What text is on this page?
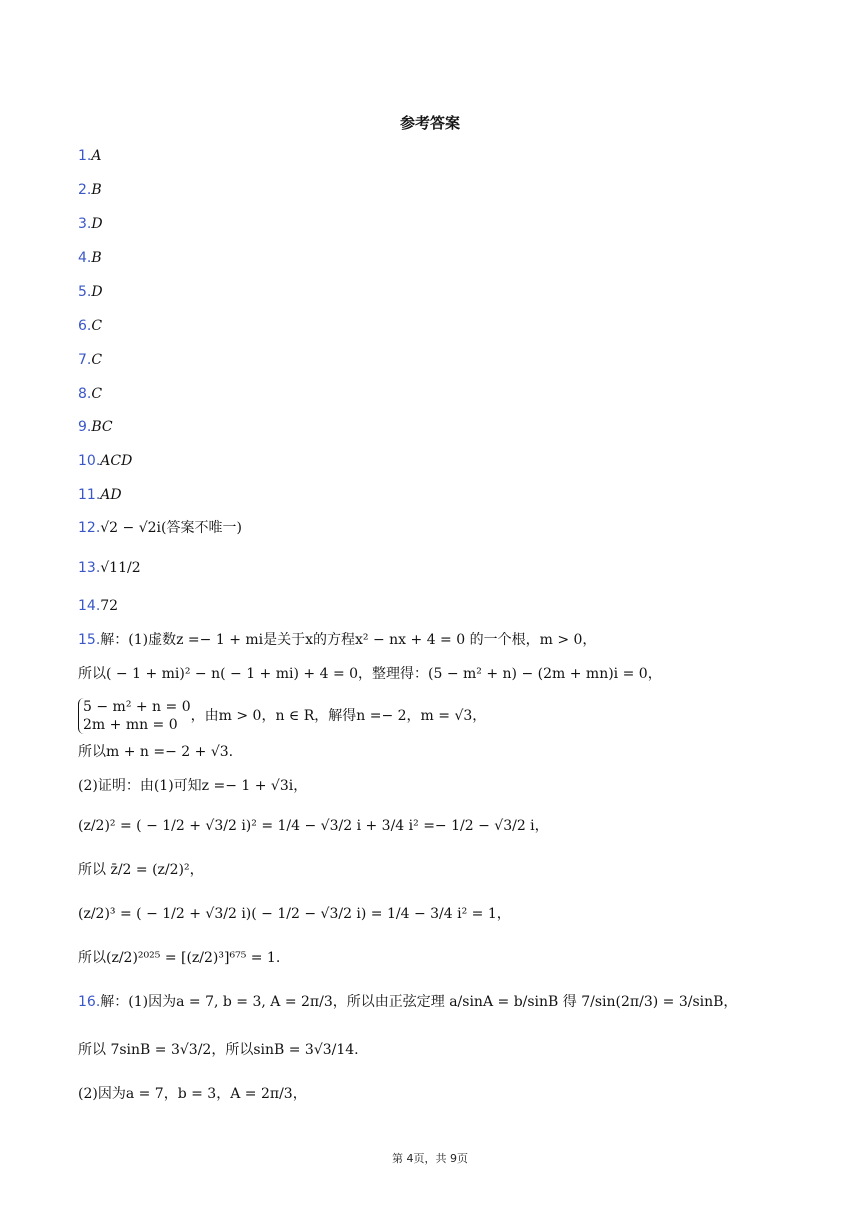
参考答案
1.A
2.B
3.D
4.B
5.D
6.C
7.C
8.C
9.BC
10.ACD
11.AD
12.√2 − √2i(答案不唯一)
13.√11/2
14.72
15.解：(1)虚数z =− 1 + mi是关于x的方程x² − nx + 4 = 0 的一个根，m > 0，
所以( − 1 + mi)² − n( − 1 + mi) + 4 = 0，整理得：(5 − m² + n) − (2m + mn)i = 0，
5 − m² + n = 0
2m + mn = 0
，由m > 0，n ∈ R，解得n =− 2，m = √3，
所以m + n =− 2 + √3.
(2)证明：由(1)可知z =− 1 + √3i，
(z/2)² = ( − 1/2 + √3/2 i)² = 1/4 − √3/2 i + 3/4 i² =− 1/2 − √3/2 i，
所以 z̄/2 = (z/2)²，
(z/2)³ = ( − 1/2 + √3/2 i)( − 1/2 − √3/2 i) = 1/4 − 3/4 i² = 1，
所以(z/2)²⁰²⁵ = [(z/2)³]⁶⁷⁵ = 1.
16.解：(1)因为a = 7, b = 3, A = 2π/3，所以由正弦定理 a/sinA = b/sinB 得 7/sin(2π/3) = 3/sinB，
所以 7sinB = 3√3/2，所以sinB = 3√3/14.
(2)因为a = 7，b = 3，A = 2π/3，
第 4页，共 9页
